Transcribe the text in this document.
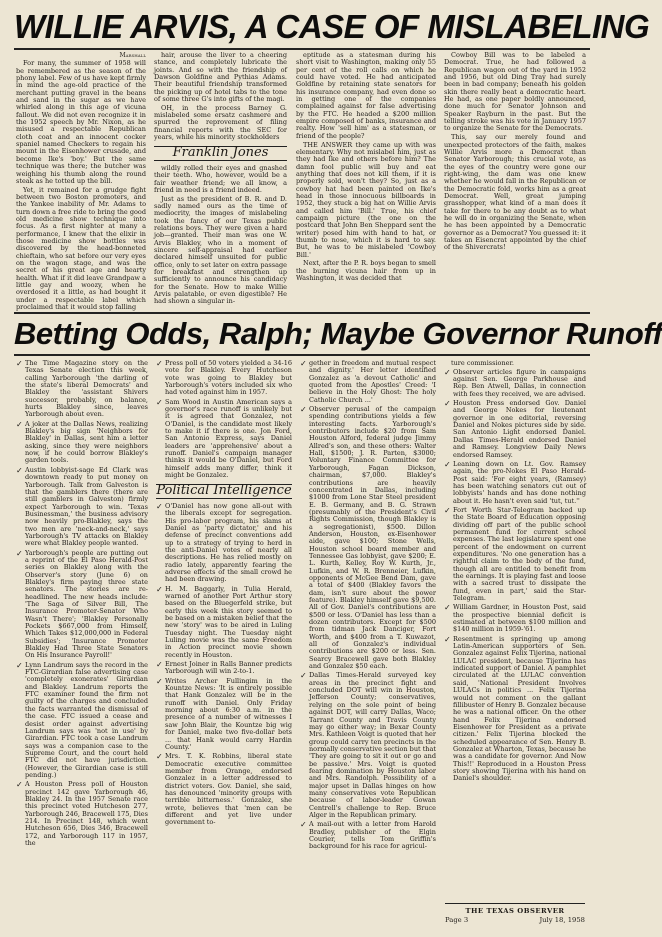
WILLIE ARVIS, A CASE OF MISLABELING
Marshall

For many, the summer of 1958 will be remembered as the season of the phony label. Few of us have kept firmly in mind the age-old practice of the merchant putting gravel in the beans and sand in the sugar as we have whirled along in this age of vicuna fallout. We did not even recognize it in the 1952 speech by Mr. Nixon, as he misused a respectable Republican cloth coat and an innocent cocker spaniel named Checkers to regain his mount in the Eisenhower crusade, and become Ike's 'boy.' But the same technique was there; the butcher was weighing his thumb along the round steak as he totted up the bill.

Yet, it remained for a grudge fight between two Boston promoters, and the Yankee inability of Mr. Adams to turn down a free ride to bring the good old medicine show technique into focus. As a first nighter at many a performance, I knew that the elixir in those medicine show bottles was discovered by the head-bonneted chieftain, who sat before our very eyes on the wagon stage, and was the secret of his great age and hearty health. What if it did leave Grandpaw a little gay and woozy, when he overdosed it a little, as had bought it under a respectable label which proclaimed that it would stop falling

hair, arouse the liver to a cheering stance, and completely lubricate the joints. And so with the friendship of Dawson Goldfine and Pythias Adams. Their beautiful friendship transformed the picking up of hotel tabs to the tone of some three G's into gifts of the magi.

OH, in the process Barney G. mislabeled some ersatz cashmere and spurred the reprovement of filing financial reports with the SEC for years, while his minority stockholders

Franklin Jones

wildly rolled their eyes and gnashed their teeth. Who, however, would be a fair weather friend; we all know, a friend in need is a friend indeed.

Just as the president of B. R. and D. sadly named ours as the time of mediocrity, the images of mislabeling took the fancy of our Texas public relations boys. They were given a hard job—granted. Their man was one W. Arvis Blakley, who in a moment of sincere self-appraisal had earlier declared himself unsuited for public office, only to set later on extra passage for breakfast and strengthen up sufficiently to announce his candidacy for the Senate. How to make Willie Arvis palatable, or even digestible? He had shown a singular in-

eptitude as a statesman during his short visit to Washington, making only 55 per cent of the roll calls on which he could have voted. He had anticipated Goldfine by retaining state senators for his insurance company, had even done so in getting one of the companies complained against for false advertising by the FTC. He headed a $200 million empire composed of banks, insurance and realty. How 'sell him' as a statesman, or friend of the people?

THE ANSWER they came up with was elementary. Why not mislabel him, just as they had Ike and others before him? The damn fool public will buy and eat anything that does not kill them, if it is properly sold, won't they? So, just as a cowboy hat had been painted on Ike's head in those innocuous billboards in 1952, they stuck a big hat on Willie Arvis and called him 'Bill.' True, his chief campaign picture (the one on the postcard that John Ben Sheppard sent the writer) posed him with hand to hat, or thumb to nose, which it is hard to say. But, he was to be mislabeled 'Cowboy Bill.'

Next, after the P. R. boys began to smell the burning vicuna hair from up in Washington, it was decided that

Cowboy Bill was to be labeled a Democrat. True, he had followed a Republican wagon out of the yard in 1952 and 1956, but old Ding Tray had surely been in bad company; beneath his golden skin there really beat a democratic heart. He had, as one paper boldly announced, done much for Senator Johnson and Speaker Rayburn in the past. But the telling stroke was his vote in January 1957 to organize the Senate for the Democrats.

This, say our merely found and unexpected protectors of the faith, makes Willie Arvis more a Democrat than Senator Yarborough; this crucial vote, as the eyes of the country were gone our right-wing, the dam was one knew whether he would fall in the Republican or the Democratic fold, works him as a great Democrat. Well, great jumping grasshopper, what kind of a man does it take for there to be any doubt as to what he will do in organizing the Senate, when he has been appointed by a Democratic governor as a Democrat? You guessed it: it takes an Eisencrat appointed by the chief of the Shivercrats!

Betting Odds, Ralph; Maybe Governor Runoff

✓ The Time Magazine story on the Texas Senate election this week, calling Yarborough 'the darling of the state's liberal Democrats' and Blakley the 'assistant Shivers successor, probably, on balance, hurts Blakley since, leaves Yarborough about even.

✓ A joker at the Dallas News, realizing Blakley's big sign 'Neighbors for Blakley' in Dallas, sent him a letter asking, since they were neighbors now, if he could borrow Blakley's garden tools.

✓ Austin lobbyist-sage Ed Clark was downtown ready to put money on Yarborough. Talk from Galveston is that the gamblers there (there are still gamblers in Galveston) firmly expect Yarborough to win. 'Texas Businessman,' the business advisory now heavily pro-Blakley, says the two men are 'neck-and-neck,' says Yarborough's TV attacks on Blakley were what Blakley people wanted.

✓ Yarborough's people are putting out a reprint of the El Paso Herald-Post series on Blakley along with the Observer's story (June 6) on Blakley's firm paying three state senators. The stories are re-headlined. The new heads include: 'The Saga of Silver Bill, The Insurance Promoter-Senator Who Wasn't There'; 'Blakley Personally Pockets $667,000 from Himself, Which Takes $12,000,000 in Federal Subsidies'; 'Insurance Promoter Blakley Had Three State Senators On His Insurance Payroll!'

✓ Lynn Landrum says the record in the FTC-Girardian false advertising case 'completely exonerates' Girardian and Blakley. Landrum reports the FTC examiner found the firm not guilty of the charges and concluded the facts warranted the dismissal of the case. FTC issued a cease and desist order against advertising Landrum says was 'not in use' by Girardian. FTC took a case Landrum says was a companion case to the Supreme Court, and the court held FTC did not have jurisdiction. (However, the Girardian case is still pending.)

✓ A Houston Press poll of Houston precinct 142 gave Yarborough 46, Blakley 24. In the 1957 Senate race this precinct voted Hutcheson 277, Yarborough 246, Bracewell 175, Dies 214. In Precinct 148, which went Hutcheson 656, Dies 346, Bracewell 172, and Yarborough 117 in 1957, the

✓ Press poll of 50 voters yielded a 34-16 vote for Blakley. Every Hutcheson vote was going to Blakley but Yarborough's voters included six who had voted against him in 1957.

✓ Sam Wood in Austin American says a governor's race runoff is unlikely but it is agreed that Gonzalez, not O'Daniel, is the candidate most likely to make it if there is one. Jon Ford, San Antonio Express, says Daniel leaders are 'apprehensive' about a runoff. Daniel's campaign manager thinks it would be O'Daniel, but Ford himself adds many differ, think it might be Gonzalez.

Political Intelligence

✓ O'Daniel has now gone all-out with the liberals except for segregation. His pro-labor program, his slams at Daniel as 'party dictator,' and his defense of precinct conventions add up to a strategy of trying to herd in the anti-Daniel votes of nearly all descriptions. He has relied mostly on radio lately, apparently fearing the adverse effects of the small crowd he had been drawing.

✓ H. M. Baggarly, in Tulia Herald, warned of another Port Arthur story based on the Bluegerfeld strike, but early this week this story seemed to be based on a mistaken belief that the new 'story' was to be aired in Luling Tuesday night. The Tuesday night Luling movie was the same Freedom in Action precinct movie shown recently in Houston.

✓ Ernest Joiner in Ralls Banner predicts Yarborough will win 2-to-1.

✓ Writes Archer Fullingim in the Kountze News: 'It is entirely possible that Hank Gonzalez will be in the runoff with Daniel. Only Friday morning about 6:30 a.m. in the presence of a number of witnesses I saw John Blair, the Kountze big wig for Daniel, make two five-dollar bets ... that Hank would carry Hardin County.'

✓ Mrs. T. K. Robbins, liberal state Democratic executive committee member from Orange, endorsed Gonzalez in a letter addressed to district voters. Gov. Daniel, she said, has denounced 'minority groups with terrible bitterness.' Gonzalez, she wrote, believes that 'men can be different and yet live under government to-

✓ gether in freedom and mutual respect and dignity.' Her letter identified Gonzalez as 'a devout Catholic' and quoted from the Apostles' Creed: 'I believe in the Holy Ghost: The holy Catholic Church ...'

✓ Observer perusal of the campaign spending contributions yields a few interesting facts. Yarborough's contributors include $20 from Sam Houston Alford, federal judge Jimmy Allred's son, and these others: Walter Hall, $1500; J. R. Parten, $3000; Voluntary Finance Committee for Yarborough, Fagan Dickson, chairman, $7,000. Blakley's contributions are heavily concentrated in Dallas, including $1000 from Lone Star Steel president E. B. Germany, and B. G. Strawn (presumably of the President's Civil Rights Commission, though Blakley is a segregationist), $500. Dillon Anderson, Houston, ex-Eisenhower aide, gave $100; Stone Wells, Houston school board member and Tennessee Gas lobbyist, gave $200; E. L. Kurth, Kelley, Roy W. Kurth, Jr., Lufkin, and W. R. Brenneier, Lufkin, opponents of McGee Bend Dam, gave a total of $400 (Blakley favors the dam, isn't sure about the power feature). Blakley himself gave $9,500. All of Gov. Daniel's contributions are $500 or less. O'Daniel has less than a dozen contributors. Except for $500 from tidman Jack Danciger, Fort Worth, and $400 from a T. Kuwazot, all of Gonzalez's individual contributions are $200 or less. Sen. Searcy Bracewell gave both Blakley and Gonzalez $50 each.

✓ Dallas Times-Herald surveyed key areas in the precinct fight and concluded DOT will win in Houston, Jefferson County; conservatives, relying on the sole point of being against DOT, will carry Dallas, Waco; Tarrant County and Travis County may go either way; in Bexar County Mrs. Kathleen Voigt is quoted that her group could carry ten precincts in the normally conservative section but that 'They are going to sit it out or go and be passive.' Mrs. Voigt is quoted fearing domination by Houston labor and Mrs. Randolph. Possibility of a major upset in Dallas hinges on how many conservatives vote Republican because of labor-leader Gowan Centrell's challenge to Rep. Bruce Alger in the Republican primary.

✓ A mail-out with a letter from Harold Bradley, publisher of the Elgin Courier, tells Tom Griffin's background for his race for agricul-

ture commissioner.

✓ Observer articles figure in campaigns against Sen. George Parkhouse and Rep. Ben Atwell, Dallas, in connection with fees they received, we are advised.

✓ Houston Press endorsed Gov. Daniel and George Nokes for lieutenant governor in one editorial, reversing Daniel and Nokes pictures side by side. San Antonio Light endorsed Daniel. Dallas Times-Herald endorsed Daniel and Ramsey. Longview Daily News endorsed Ramsey.

✓ Leaning down on Lt. Gov. Ramsey again, the pro-Nokes El Paso Herald-Post said: 'For eight years, (Ramsey) has been watching senators cut out of lobbyists' hands and has done nothing about it. He hasn't even said 'tut, tut.''

✓ Fort Worth Star-Telegram backed up the State Board of Education opposing dividing off part of the public school permanent fund for current school expenses. The last legislature spent one percent of the endowment on current expenditures. 'No one generation has a rightful claim to the body of the fund, though all are entitled to benefit from the earnings. It is playing fast and loose with a sacred trust to dissipate the fund, even in part,' said the Star-Telegram.

✓ William Gardner, in Houston Post, said the prospective biennial deficit is estimated at between $100 million and $140 million in 1959-'61.

✓ Resentment is springing up among Latin-American supporters of Sen. Gonzalez against Felix Tijerina, national LULAC president, because Tijerina has indicated support of Daniel. A pamphlet circulated at the LULAC convention said, 'National President Involves LULACs in politics ... Felix Tijerina would not comment on the gallant fillibuster of Henry B. Gonzalez because he was a national officer. On the other hand Felix Tijerina endorsed Eisenhower for President as a private citizen.' Felix Tijerina blocked the scheduled appearance of Sen. Henry B. Gonzalez at Wharton, Texas, because he was a candidate for governor. And Now This!!' Reproduced in a Houston Press story showing Tijerina with his hand on Daniel's shoulder.

THE TEXAS OBSERVER
Page 3	July 18, 1958
